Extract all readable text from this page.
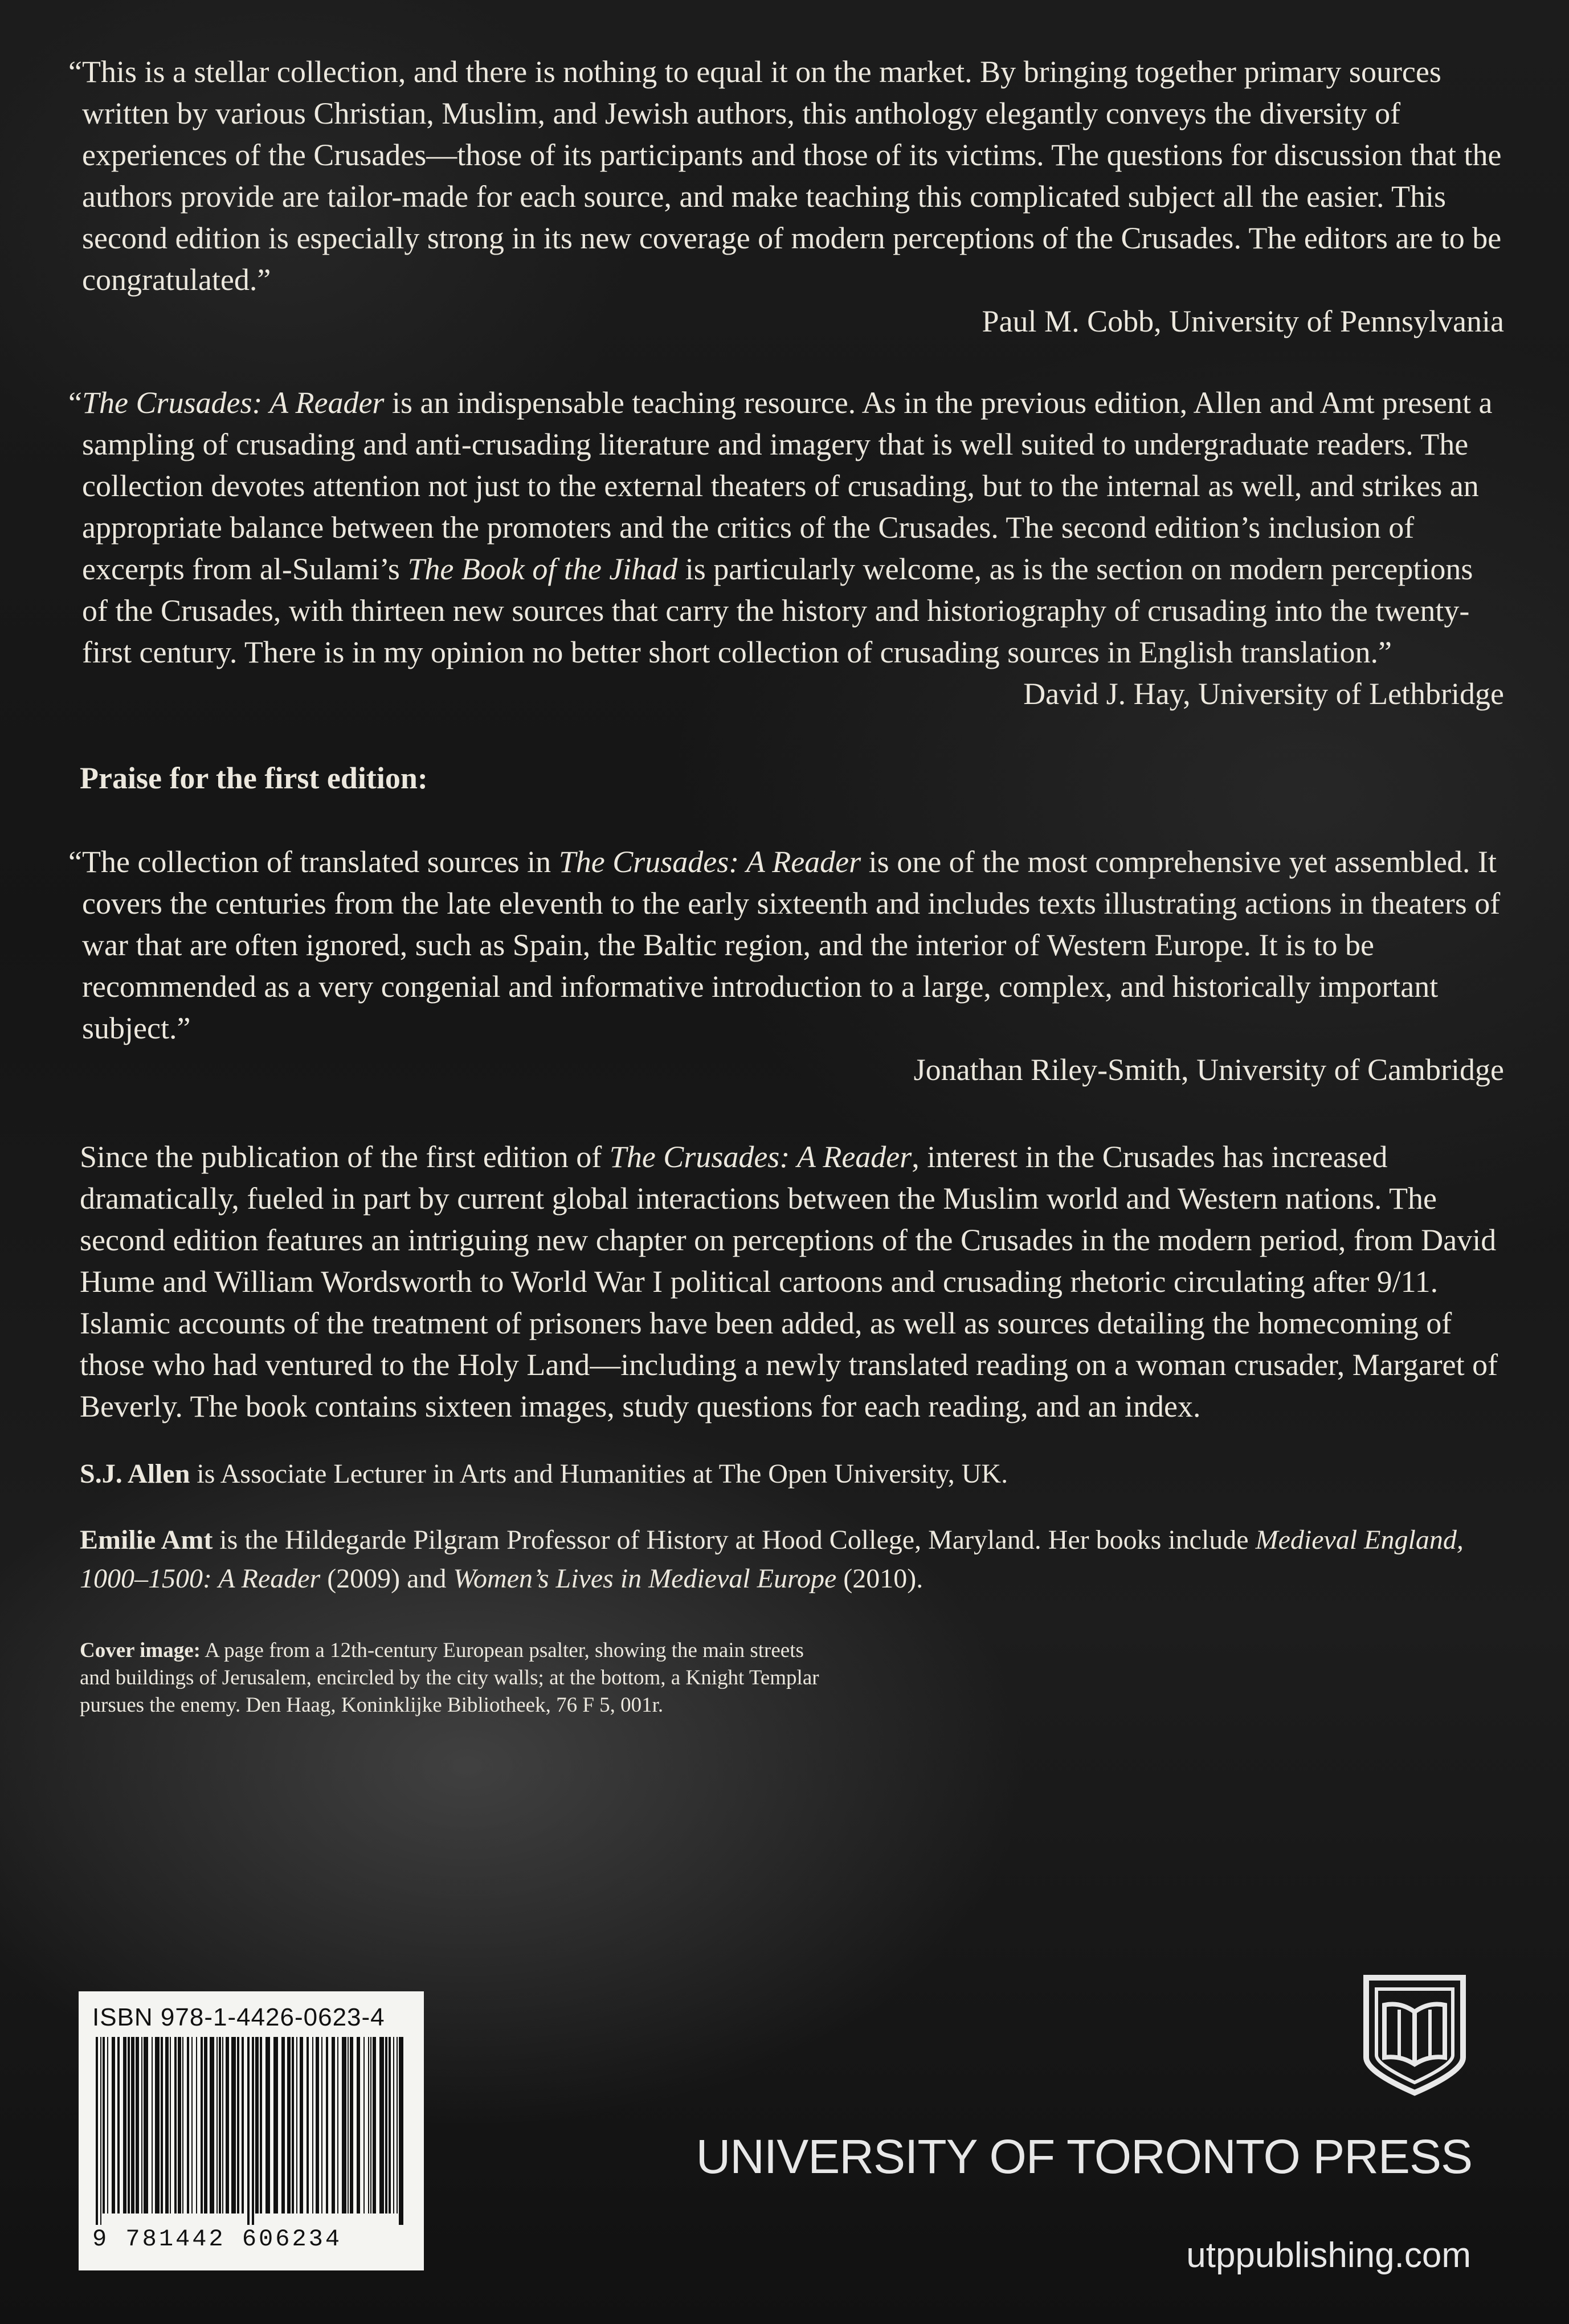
“This is a stellar collection, and there is nothing to equal it on the market. By bringing together primary sources written by various Christian, Muslim, and Jewish authors, this anthology elegantly conveys the diversity of experiences of the Crusades—those of its participants and those of its victims. The questions for discussion that the authors provide are tailor-made for each source, and make teaching this complicated subject all the easier. This second edition is especially strong in its new coverage of modern perceptions of the Crusades. The editors are to be congratulated.”

Paul M. Cobb, University of Pennsylvania

“The Crusades: A Reader is an indispensable teaching resource. As in the previous edition, Allen and Amt present a sampling of crusading and anti-crusading literature and imagery that is well suited to undergraduate readers. The collection devotes attention not just to the external theaters of crusading, but to the internal as well, and strikes an appropriate balance between the promoters and the critics of the Crusades. The second edition’s inclusion of excerpts from al-Sulami’s The Book of the Jihad is particularly welcome, as is the section on modern perceptions of the Crusades, with thirteen new sources that carry the history and historiography of crusading into the twenty-first century. There is in my opinion no better short collection of crusading sources in English translation.”

David J. Hay, University of Lethbridge

Praise for the first edition:

“The collection of translated sources in The Crusades: A Reader is one of the most comprehensive yet assembled. It covers the centuries from the late eleventh to the early sixteenth and includes texts illustrating actions in theaters of war that are often ignored, such as Spain, the Baltic region, and the interior of Western Europe. It is to be recommended as a very congenial and informative introduction to a large, complex, and historically important subject.”

Jonathan Riley-Smith, University of Cambridge

Since the publication of the first edition of The Crusades: A Reader, interest in the Crusades has increased dramatically, fueled in part by current global interactions between the Muslim world and Western nations. The second edition features an intriguing new chapter on perceptions of the Crusades in the modern period, from David Hume and William Wordsworth to World War I political cartoons and crusading rhetoric circulating after 9/11. Islamic accounts of the treatment of prisoners have been added, as well as sources detailing the homecoming of those who had ventured to the Holy Land—including a newly translated reading on a woman crusader, Margaret of Beverly. The book contains sixteen images, study questions for each reading, and an index.

S.J. Allen is Associate Lecturer in Arts and Humanities at The Open University, UK.

Emilie Amt is the Hildegarde Pilgram Professor of History at Hood College, Maryland. Her books include Medieval England, 1000–1500: A Reader (2009) and Women’s Lives in Medieval Europe (2010).

Cover image: A page from a 12th-century European psalter, showing the main streets and buildings of Jerusalem, encircled by the city walls; at the bottom, a Knight Templar pursues the enemy. Den Haag, Koninklijke Bibliotheek, 76 F 5, 001r.

ISBN 978-1-4426-0623-4
9 781442 606234
UNIVERSITY OF TORONTO PRESS
utppublishing.com
